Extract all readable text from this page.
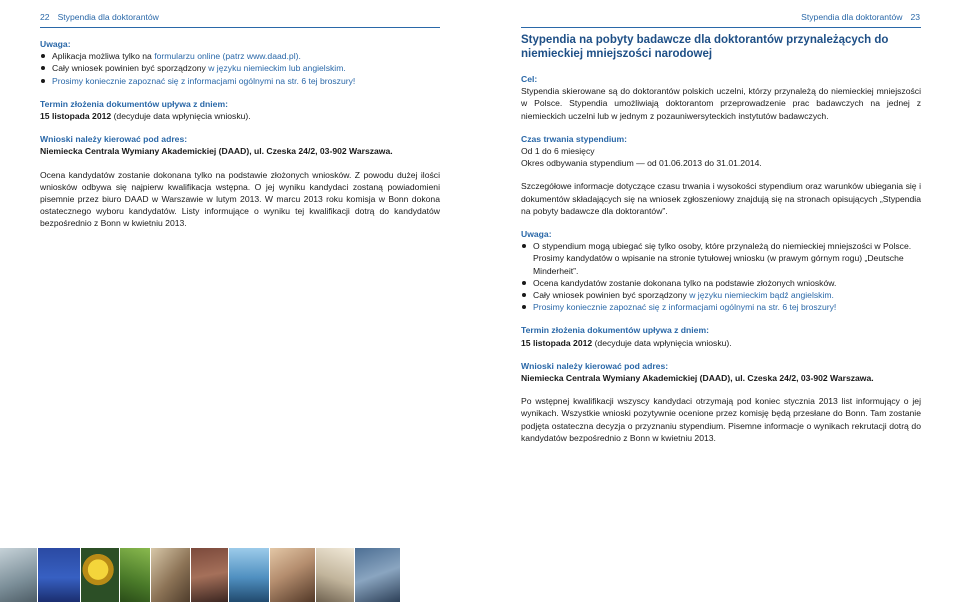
22 Stypendia dla doktorantów
Uwaga:
Aplikacja możliwa tylko na formularzu online (patrz www.daad.pl).
Cały wniosek powinien być sporządzony w języku niemieckim lub angielskim.
Prosimy koniecznie zapoznać się z informacjami ogólnymi na str. 6 tej broszury!
Termin złożenia dokumentów upływa z dniem:
15 listopada 2012 (decyduje data wpłynięcia wniosku).
Wnioski należy kierować pod adres:
Niemiecka Centrala Wymiany Akademickiej (DAAD), ul. Czeska 24/2, 03-902 Warszawa.
Ocena kandydatów zostanie dokonana tylko na podstawie złożonych wniosków. Z powodu dużej ilości wniosków odbywa się najpierw kwalifikacja wstępna. O jej wyniku kandydaci zostaną powiadomieni pisemnie przez biuro DAAD w Warszawie w lutym 2013. W marcu 2013 roku komisja w Bonn dokona ostatecznego wyboru kandydatów. Listy informujące o wyniku tej kwalifikacji dotrą do kandydatów bezpośrednio z Bonn w kwietniu 2013.
Stypendia dla doktorantów 23
Stypendia na pobyty badawcze dla doktorantów przynależących do niemieckiej mniejszości narodowej
Cel:
Stypendia skierowane są do doktorantów polskich uczelni, którzy przynależą do niemieckiej mniejszości w Polsce. Stypendia umożliwiają doktorantom przeprowadzenie prac badawczych na jednej z niemieckich uczelni lub w jednym z pozauniwersyteckich instytutów badawczych.
Czas trwania stypendium:
Od 1 do 6 miesięcy
Okres odbywania stypendium — od 01.06.2013 do 31.01.2014.
Szczegółowe informacje dotyczące czasu trwania i wysokości stypendium oraz warunków ubiegania się i dokumentów składających się na wniosek zgłoszeniowy znajdują się na stronach opisujących „Stypendia na pobyty badawcze dla doktorantów”.
Uwaga:
O stypendium mogą ubiegać się tylko osoby, które przynależą do niemieckiej mniejszości w Polsce. Prosimy kandydatów o wpisanie na stronie tytułowej wniosku (w prawym górnym rogu) „Deutsche Minderheit”.
Ocena kandydatów zostanie dokonana tylko na podstawie złożonych wniosków.
Cały wniosek powinien być sporządzony w języku niemieckim bądź angielskim.
Prosimy koniecznie zapoznać się z informacjami ogólnymi na str. 6 tej broszury!
Termin złożenia dokumentów upływa z dniem:
15 listopada 2012 (decyduje data wpłynięcia wniosku).
Wnioski należy kierować pod adres:
Niemiecka Centrala Wymiany Akademickiej (DAAD), ul. Czeska 24/2, 03-902 Warszawa.
Po wstępnej kwalifikacji wszyscy kandydaci otrzymają pod koniec stycznia 2013 list informujący o jej wynikach. Wszystkie wnioski pozytywnie ocenione przez komisję będą przesłane do Bonn. Tam zostanie podjęta ostateczna decyzja o przyznaniu stypendium. Pisemne informacje o wynikach rekrutacji dotrą do kandydatów bezpośrednio z Bonn w kwietniu 2013.
